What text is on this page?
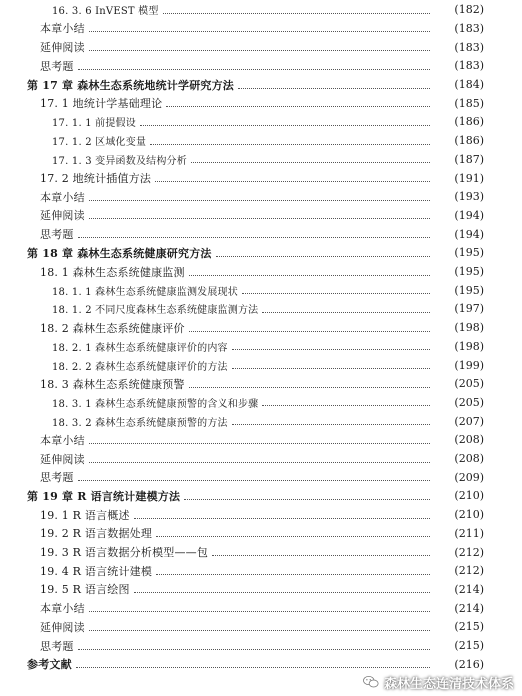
16. 3. 6 InVEST 模型	(182)
本章小结	(183)
延伸阅读	(183)
思考题	(183)
第 17 章 森林生态系统地统计学研究方法	(184)
17. 1 地统计学基础理论	(185)
17. 1. 1 前提假设	(186)
17. 1. 2 区域化变量	(186)
17. 1. 3 变异函数及结构分析	(187)
17. 2 地统计插值方法	(191)
本章小结	(193)
延伸阅读	(194)
思考题	(194)
第 18 章 森林生态系统健康研究方法	(195)
18. 1 森林生态系统健康监测	(195)
18. 1. 1 森林生态系统健康监测发展现状	(195)
18. 1. 2 不同尺度森林生态系统健康监测方法	(197)
18. 2 森林生态系统健康评价	(198)
18. 2. 1 森林生态系统健康评价的内容	(198)
18. 2. 2 森林生态系统健康评价的方法	(199)
18. 3 森林生态系统健康预警	(205)
18. 3. 1 森林生态系统健康预警的含义和步骤	(205)
18. 3. 2 森林生态系统健康预警的方法	(207)
本章小结	(208)
延伸阅读	(208)
思考题	(209)
第 19 章 R 语言统计建模方法	(210)
19. 1 R 语言概述	(210)
19. 2 R 语言数据处理	(211)
19. 3 R 语言数据分析模型——包	(212)
19. 4 R 语言统计建模	(212)
19. 5 R 语言绘图	(214)
本章小结	(214)
延伸阅读	(215)
思考题	(215)
参考文献	(216)
森林生态连清技术体系
